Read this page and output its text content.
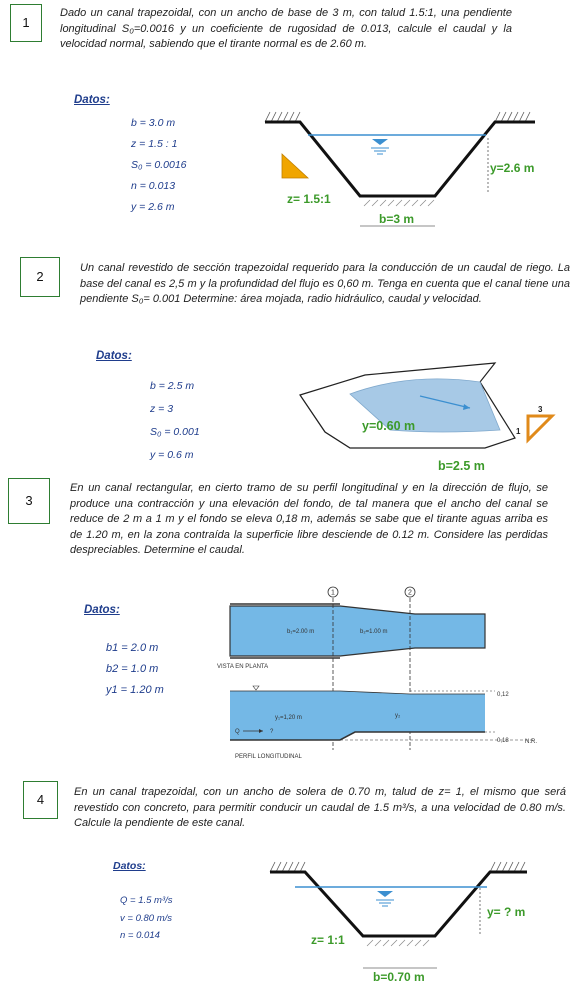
1
Dado un canal trapezoidal, con un ancho de base de 3 m, con talud 1.5:1, una pendiente longitudinal S₀=0.0016 y un coeficiente de rugosidad de 0.013, calcule el caudal y la velocidad normal, sabiendo que el tirante normal es de 2.60 m.
Datos:
b = 3.0 m
z = 1.5 : 1
S₀ = 0.0016
n = 0.013
y = 2.6 m
y=2.6 m
z= 1.5:1
b=3 m
2
Un canal revestido de sección trapezoidal requerido para la conducción de un caudal de riego. La base del canal es 2,5 m y la profundidad del flujo es 0,60 m. Tenga en cuenta que el canal tiene una pendiente S₀= 0.001 Determine: área mojada, radio hidráulico, caudal y velocidad.
Datos:
b = 2.5 m
z = 3
S₀ = 0.001
y = 0.6 m
y=0.60 m
b=2.5 m
3
1
3
En un canal rectangular, en cierto tramo de su perfil longitudinal y en la dirección de flujo, se produce una contracción y una elevación del fondo, de tal manera que el ancho del canal se reduce de 2 m a 1 m y el fondo se eleva 0,18 m, además se sabe que el tirante aguas arriba es de 1.20 m, en la zona contraída la superficie libre desciende de 0.12 m. Considere las perdidas despreciables. Determine el caudal.
Datos:
b1 = 2.0 m
b2 = 1.0 m
y1 = 1.20 m
1	2
b₁=2.00 m	b₂=1.00 m
VISTA EN PLANTA
y₁=1,20 m	y₂
Q	?
0,12
0,18	N.R.
PERFIL LONGITUDINAL
4	En un canal trapezoidal, con un ancho de solera de 0.70 m, talud de z= 1, el mismo que será revestido con concreto, para permitir conducir un caudal de 1.5 m³/s, a una velocidad de 0.80 m/s. Calcule la pendiente de este canal.
Datos:
Q = 1.5 m³/s
v = 0.80 m/s
n = 0.014
y= ? m
z= 1:1
b=0.70 m
